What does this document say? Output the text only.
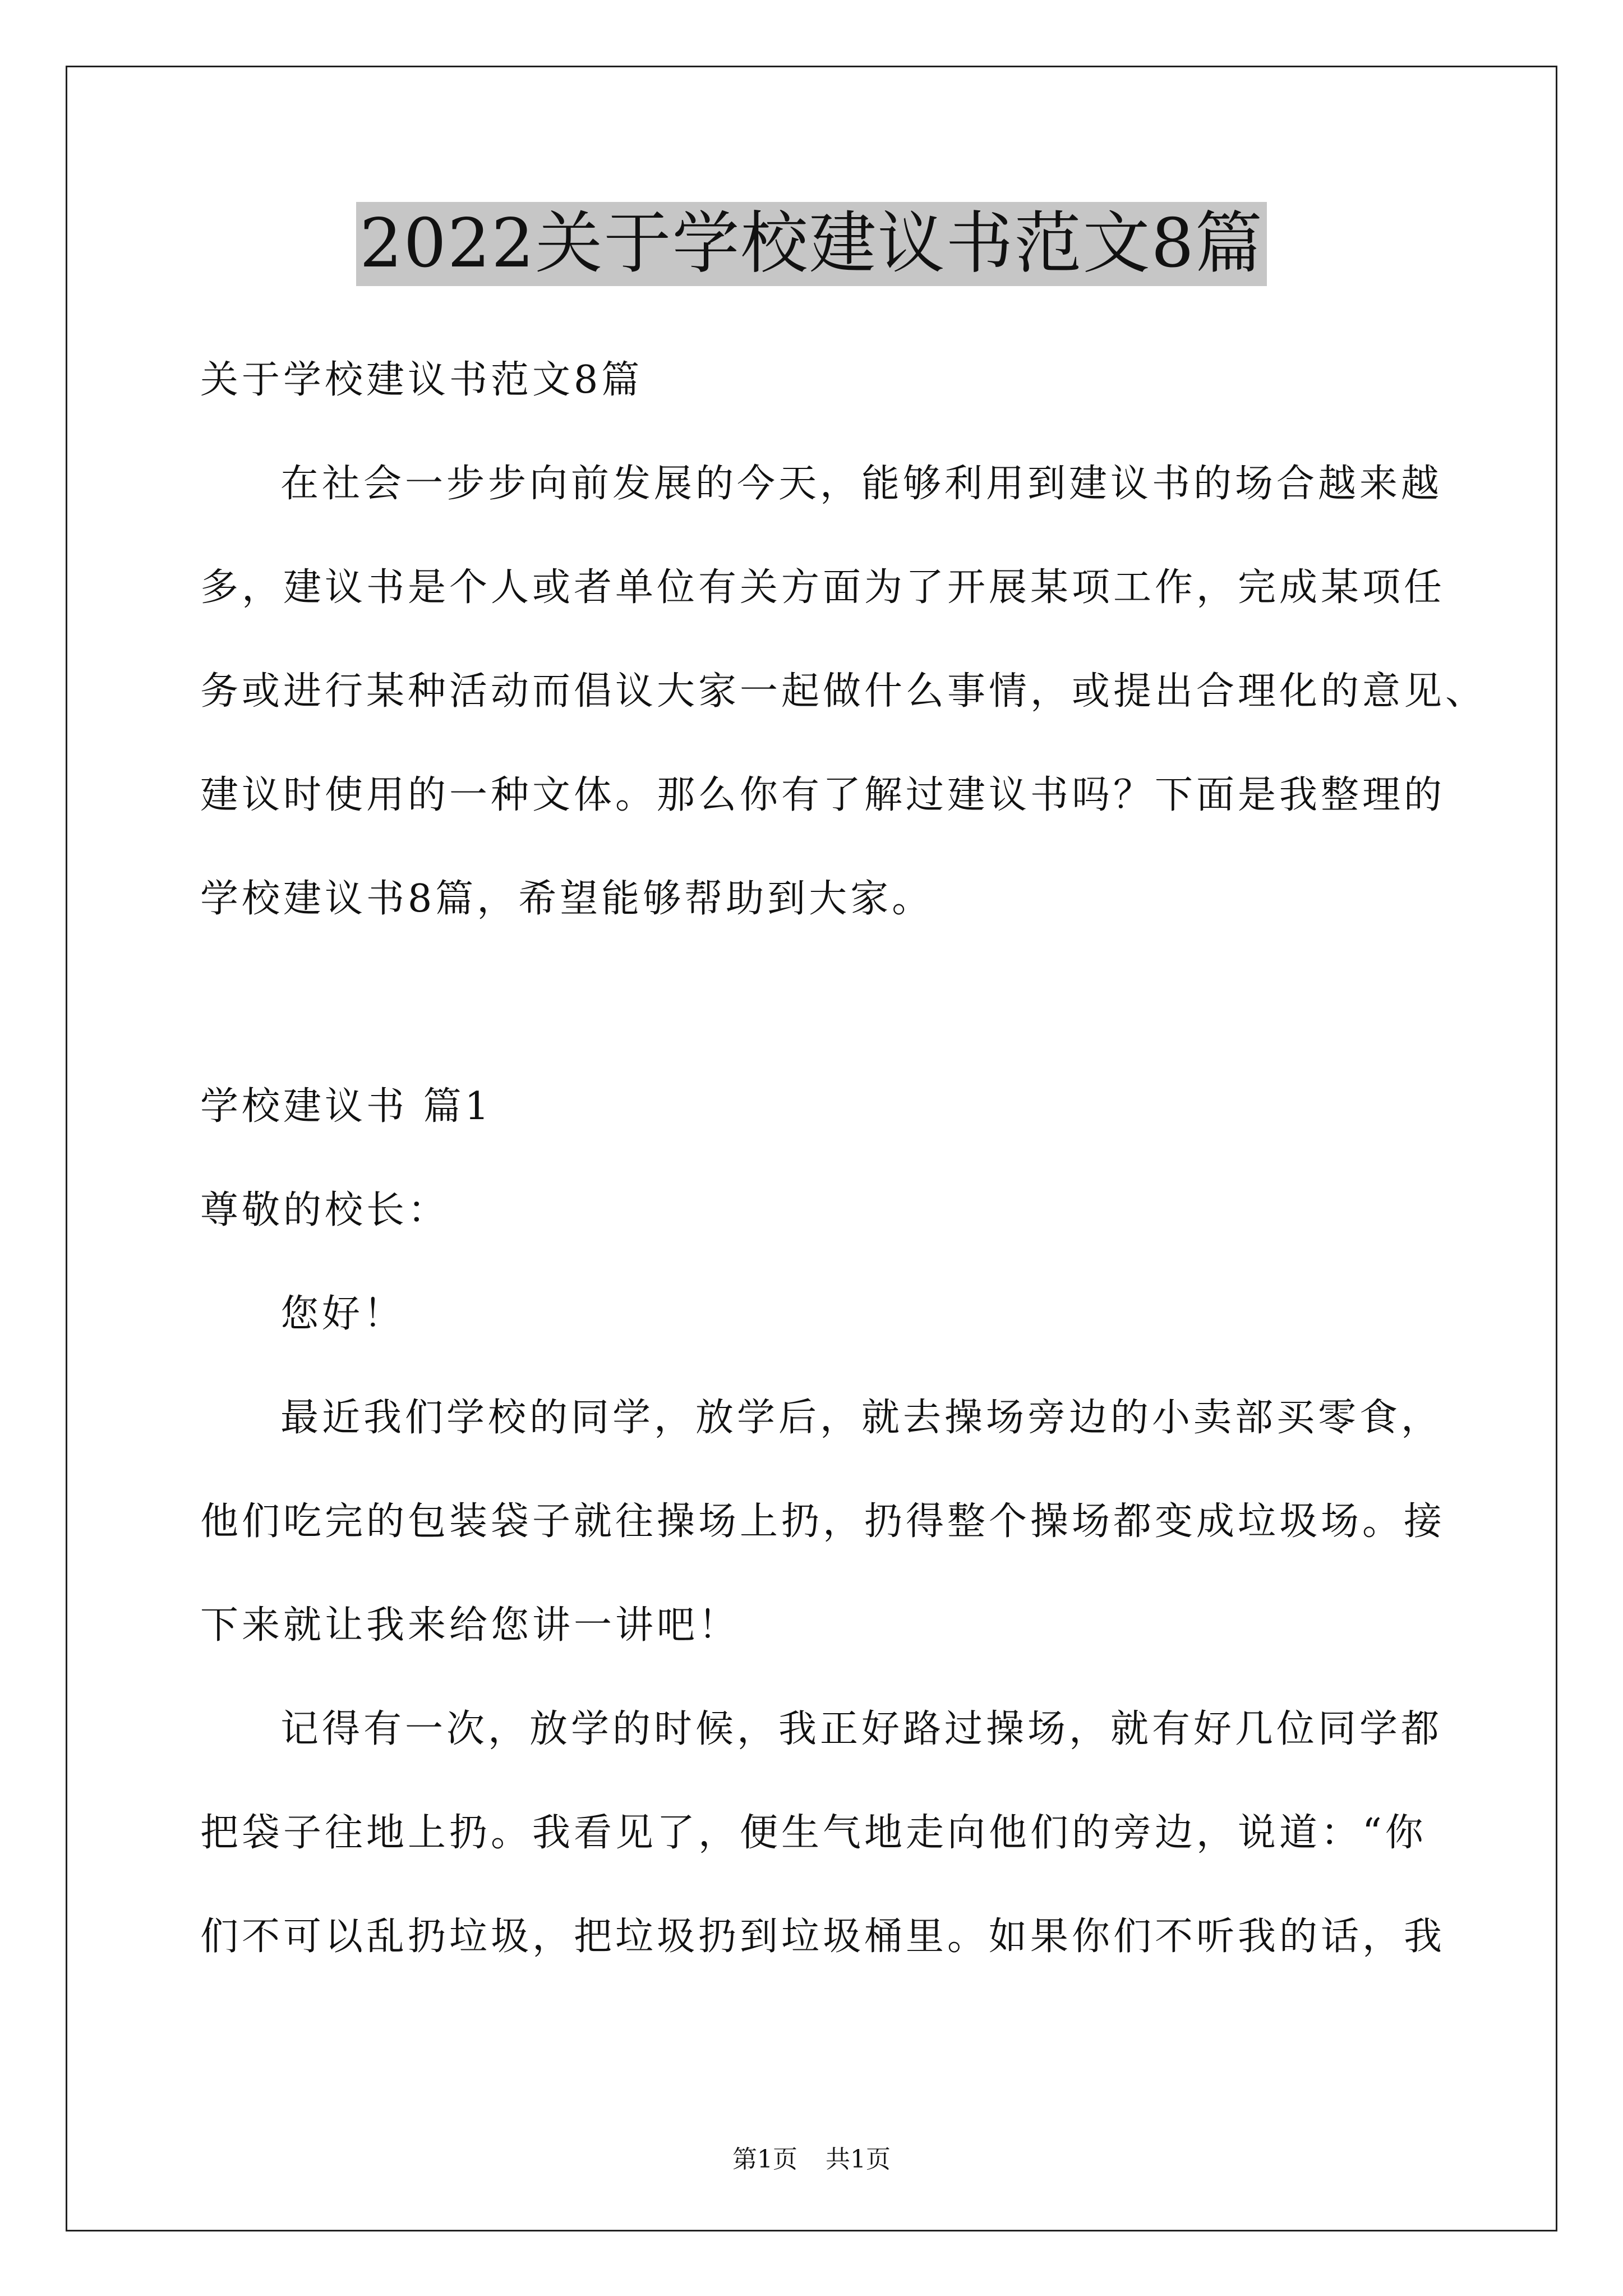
2022关于学校建议书范文8篇
关于学校建议书范文8篇
在社会一步步向前发展的今天，能够利用到建议书的场合越来越
多，建议书是个人或者单位有关方面为了开展某项工作，完成某项任
务或进行某种活动而倡议大家一起做什么事情，或提出合理化的意见、
建议时使用的一种文体。那么你有了解过建议书吗？下面是我整理的
学校建议书8篇，希望能够帮助到大家。
学校建议书 篇1
尊敬的校长：
您好！
最近我们学校的同学，放学后，就去操场旁边的小卖部买零食，
他们吃完的包装袋子就往操场上扔，扔得整个操场都变成垃圾场。接
下来就让我来给您讲一讲吧！
记得有一次，放学的时候，我正好路过操场，就有好几位同学都
把袋子往地上扔。我看见了，便生气地走向他们的旁边，说道：“你
们不可以乱扔垃圾，把垃圾扔到垃圾桶里。如果你们不听我的话，我
第1页 共1页
